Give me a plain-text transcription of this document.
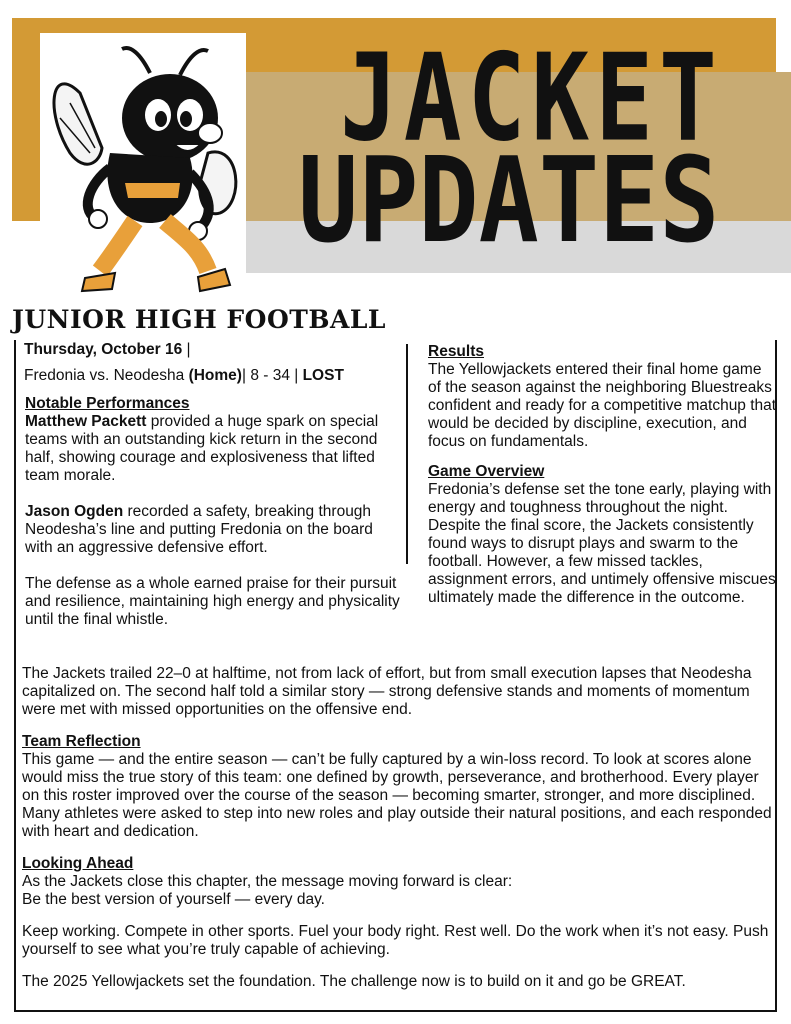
JACKET
UPDATES
JUNIOR HIGH FOOTBALL

Thursday, October 16 |

Fredonia vs. Neodesha (Home)| 8 - 34 | LOST

Notable Performances

Matthew Packett provided a huge spark on special teams with an outstanding kick return in the second half, showing courage and explosiveness that lifted team morale.

Jason Ogden recorded a safety, breaking through Neodesha’s line and putting Fredonia on the board with an aggressive defensive effort.

The defense as a whole earned praise for their pursuit and resilience, maintaining high energy and physicality until the final whistle.

Results

The Yellowjackets entered their final home game of the season against the neighboring Bluestreaks confident and ready for a competitive matchup that would be decided by discipline, execution, and focus on fundamentals.

Game Overview

Fredonia’s defense set the tone early, playing with energy and toughness throughout the night. Despite the final score, the Jackets consistently found ways to disrupt plays and swarm to the football. However, a few missed tackles, assignment errors, and untimely offensive miscues ultimately made the difference in the outcome.

The Jackets trailed 22–0 at halftime, not from lack of effort, but from small execution lapses that Neodesha capitalized on. The second half told a similar story — strong defensive stands and moments of momentum were met with missed opportunities on the offensive end.

Team Reflection

This game — and the entire season — can’t be fully captured by a win-loss record. To look at scores alone would miss the true story of this team: one defined by growth, perseverance, and brotherhood. Every player on this roster improved over the course of the season — becoming smarter, stronger, and more disciplined. Many athletes were asked to step into new roles and play outside their natural positions, and each responded with heart and dedication.

Looking Ahead

As the Jackets close this chapter, the message moving forward is clear:

Be the best version of yourself — every day.

Keep working. Compete in other sports. Fuel your body right. Rest well. Do the work when it’s not easy. Push yourself to see what you’re truly capable of achieving.

The 2025 Yellowjackets set the foundation. The challenge now is to build on it and go be GREAT.
